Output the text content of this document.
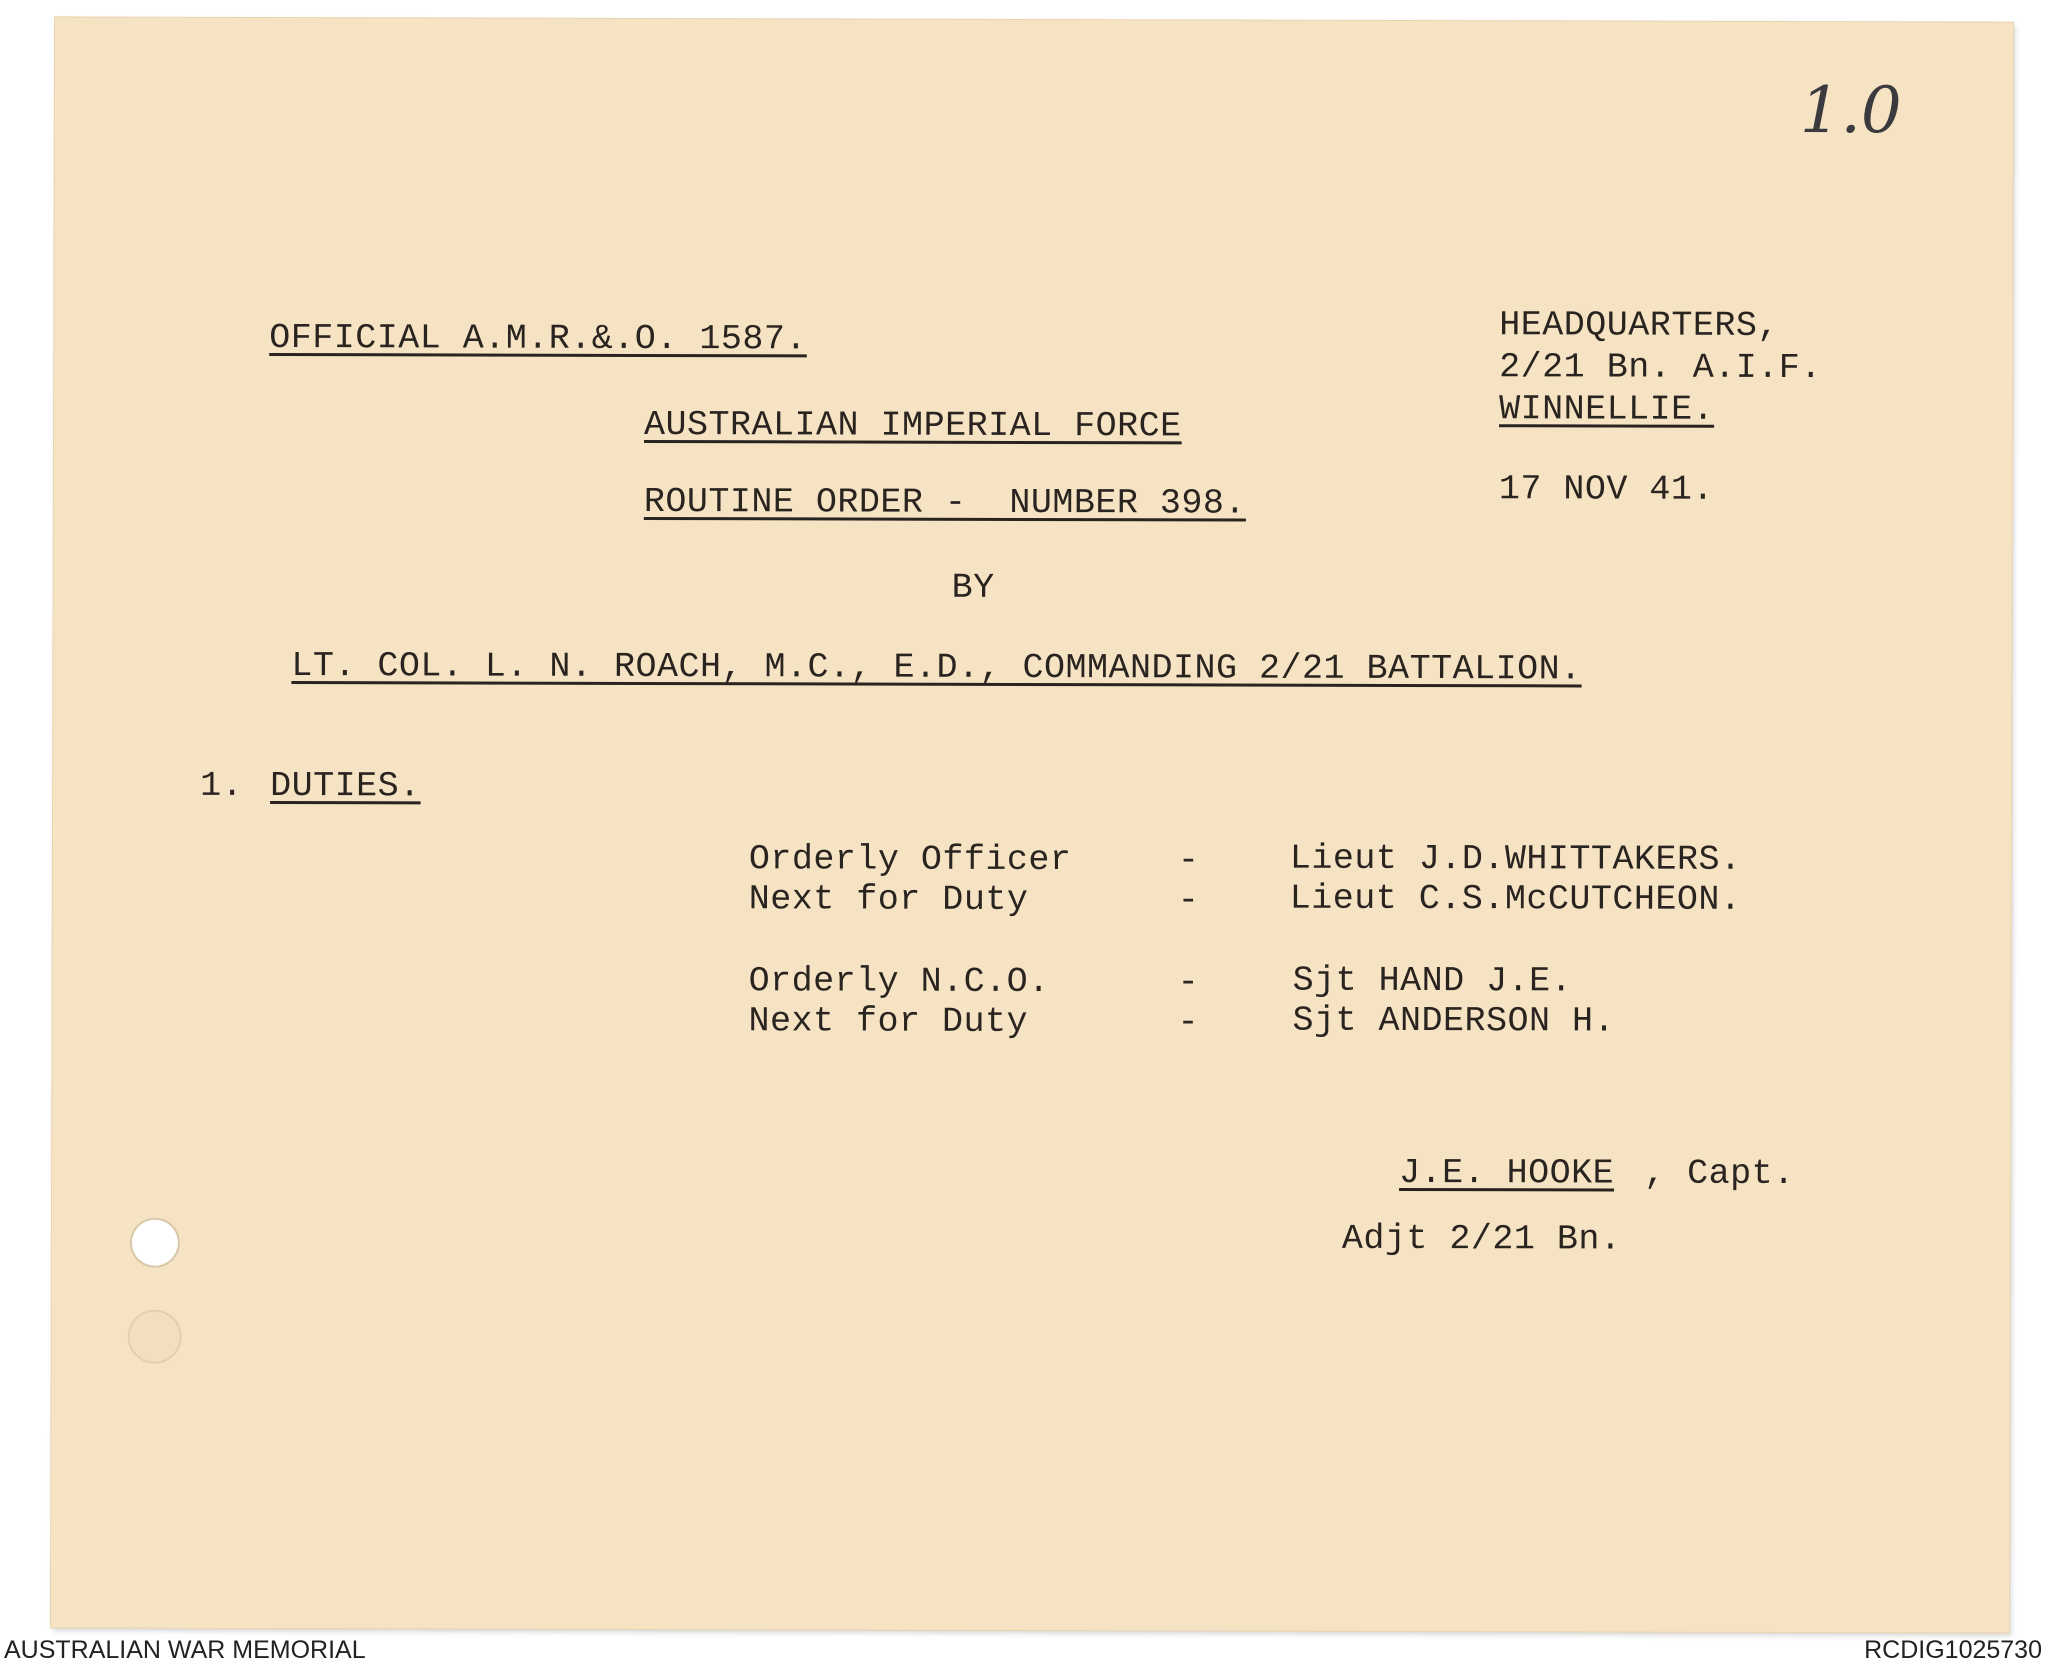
1.0
OFFICIAL A.M.R.&.O. 1587.	HEADQUARTERS,
2/21 Bn. A.I.F.
WINNELLIE.
17 NOV 41.
AUSTRALIAN IMPERIAL FORCE
ROUTINE ORDER -  NUMBER 398.
BY
LT. COL. L. N. ROACH, M.C., E.D., COMMANDING 2/21 BATTALION.
1. DUTIES.
Orderly Officer	-	Lieut J.D.WHITTAKERS.
Next for Duty	-	Lieut C.S.McCUTCHEON.
Orderly N.C.O.	-	Sjt HAND J.E.
Next for Duty	-	Sjt ANDERSON H.
J.E. HOOKE , Capt.
Adjt 2/21 Bn.
AUSTRALIAN WAR MEMORIAL	RCDIG1025730
